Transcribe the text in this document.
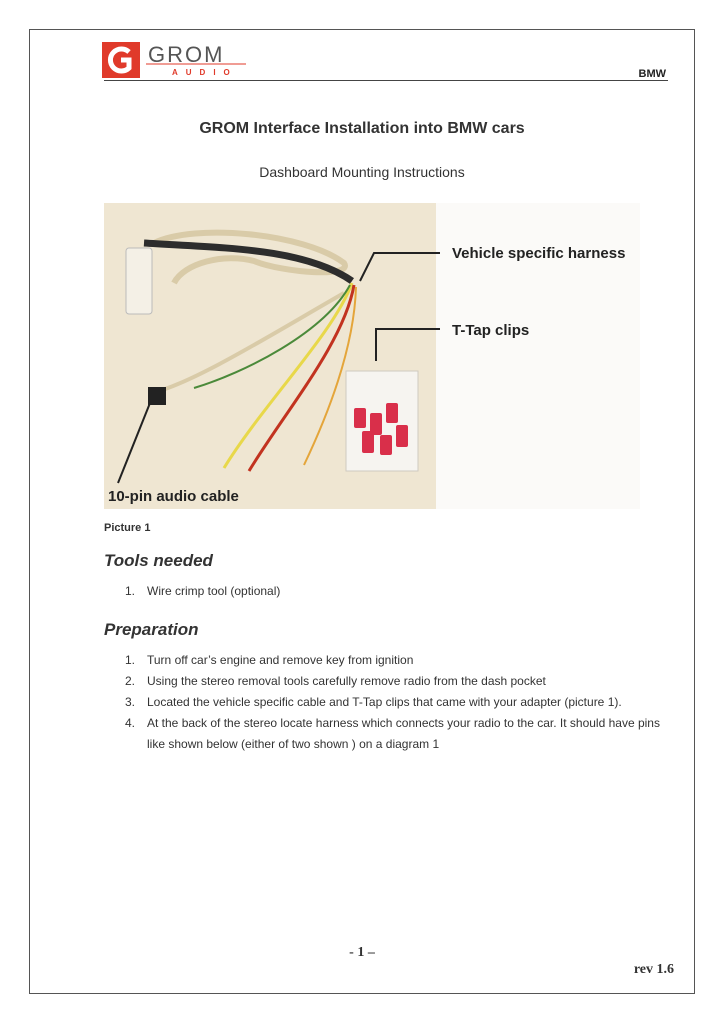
GROM
AUDIO	BMW
GROM Interface Installation into BMW cars
Dashboard Mounting Instructions
Vehicle specific harness
T-Tap clips
10-pin audio cable
Picture 1
Tools needed
1. Wire crimp tool (optional)
Preparation
1. Turn off car’s engine and remove key from ignition
2. Using the stereo removal tools carefully remove radio from the dash pocket
3. Located the vehicle specific cable and T-Tap clips that came with your adapter (picture 1).
4. At the back of the stereo locate harness which connects your radio to the car. It should have pins like shown below (either of two shown ) on a diagram 1
- 1 –
rev 1.6
